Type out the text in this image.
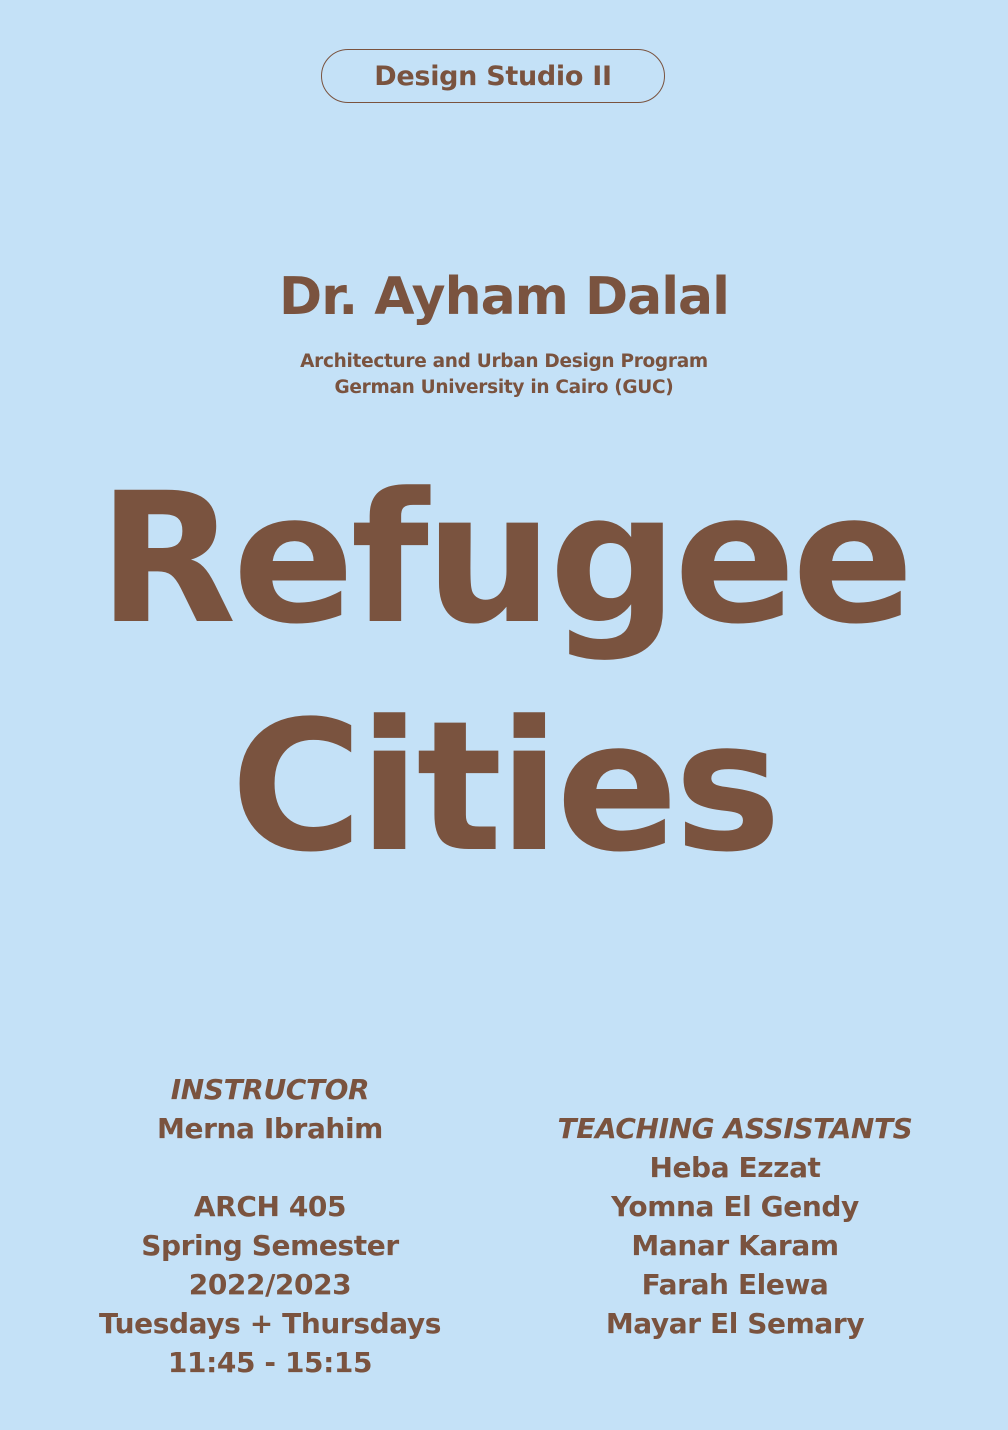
Design Studio II
Dr. Ayham Dalal
Architecture and Urban Design Program
German University in Cairo (GUC)
Refugee
Cities
INSTRUCTOR
Merna Ibrahim
ARCH 405
Spring Semester
2022/2023
Tuesdays + Thursdays
11:45 - 15:15
TEACHING ASSISTANTS
Heba Ezzat
Yomna El Gendy
Manar Karam
Farah Elewa
Mayar El Semary
